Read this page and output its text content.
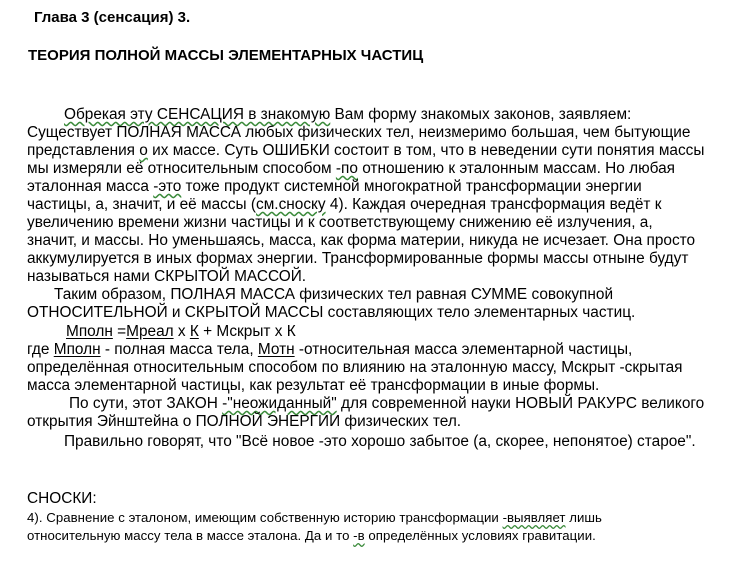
Глава 3 (сенсация) 3.
ТЕОРИЯ ПОЛНОЙ МАССЫ ЭЛЕМЕНТАРНЫХ ЧАСТИЦ
Обрекая эту СЕНСАЦИЯ в знакомую Вам форму знакомых законов, заявляем:
Существует ПОЛНАЯ МАССА любых физических тел, неизмеримо большая, чем бытующие
представления о их массе. Суть ОШИБКИ состоит в том, что в неведении сути понятия массы
мы измеряли её относительным способом -по отношению к эталонным массам. Но любая
эталонная масса -это тоже продукт системной многократной трансформации энергии
частицы, а, значит, и её массы (см.сноску 4). Каждая очередная трансформация ведёт к
увеличению времени жизни частицы и к соответствующему снижению её излучения, а,
значит, и массы. Но уменьшаясь, масса, как форма материи, никуда не исчезает. Она просто
аккумулируется в иных формах энергии. Трансформированные формы массы отныне будут
называться нами СКРЫТОЙ МАССОЙ.
Таким образом, ПОЛНАЯ МАССА физических тел равная СУММЕ совокупной
ОТНОСИТЕЛЬНОЙ и СКРЫТОЙ МАССЫ составляющих тело элементарных частиц.
Мполн =Мреал х К + Мскрыт х К
где Мполн - полная масса тела, Мотн -относительная масса элементарной частицы,
определённая относительным способом по влиянию на эталонную массу, Мскрыт -скрытая
масса элементарной частицы, как результат её трансформации в иные формы.
По сути, этот ЗАКОН -"неожиданный" для современной науки НОВЫЙ РАКУРС великого
открытия Эйнштейна о ПОЛНОЙ ЭНЕРГИИ физических тел.
Правильно говорят, что "Всё новое -это хорошо забытое (а, скорее, непонятое) старое".
СНОСКИ:
4). Сравнение с эталоном, имеющим собственную историю трансформации -выявляет лишь
относительную массу тела в массе эталона. Да и то -в определённых условиях гравитации.
